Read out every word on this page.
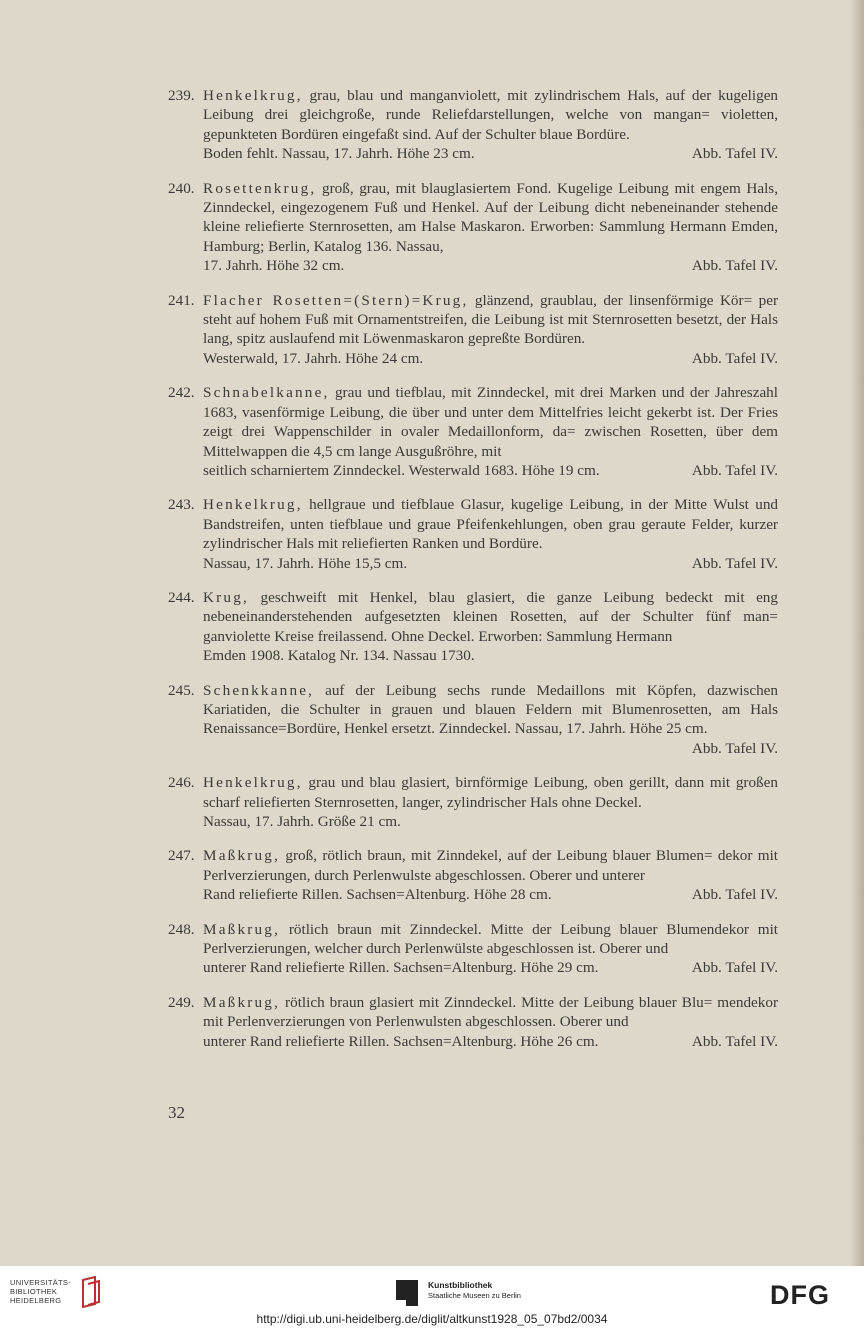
239. Henkelkrug, grau, blau und manganviolett, mit zylindrischem Hals, auf der kugeligen Leibung drei gleichgroße, runde Reliefdarstellungen, welche von mangan= violetten, gepunkteten Bordüren eingefaßt sind. Auf der Schulter blaue Bordüre.
Boden fehlt. Nassau, 17. Jahrh. Höhe 23 cm.	Abb. Tafel IV.
240. Rosettenkrug, groß, grau, mit blauglasiertem Fond. Kugelige Leibung mit engem Hals, Zinndeckel, eingezogenem Fuß und Henkel. Auf der Leibung dicht nebeneinander stehende kleine reliefierte Sternrosetten, am Halse Maskaron. Erworben: Sammlung Hermann Emden, Hamburg; Berlin, Katalog 136. Nassau,
17. Jahrh. Höhe 32 cm.	Abb. Tafel IV.
241. Flacher Rosetten=(Stern)=Krug, glänzend, graublau, der linsenförmige Kör= per steht auf hohem Fuß mit Ornamentstreifen, die Leibung ist mit Sternrosetten besetzt, der Hals lang, spitz auslaufend mit Löwenmaskaron gepreßte Bordüren.
Westerwald, 17. Jahrh. Höhe 24 cm.	Abb. Tafel IV.
242. Schnabelkanne, grau und tiefblau, mit Zinndeckel, mit drei Marken und der Jahreszahl 1683, vasenförmige Leibung, die über und unter dem Mittelfries leicht gekerbt ist. Der Fries zeigt drei Wappenschilder in ovaler Medaillonform, da= zwischen Rosetten, über dem Mittelwappen die 4,5 cm lange Ausgußröhre, mit
seitlich scharniertem Zinndeckel. Westerwald 1683. Höhe 19 cm.	Abb. Tafel IV.
243. Henkelkrug, hellgraue und tiefblaue Glasur, kugelige Leibung, in der Mitte Wulst und Bandstreifen, unten tiefblaue und graue Pfeifenkehlungen, oben grau geraute Felder, kurzer zylindrischer Hals mit reliefierten Ranken und Bordüre.
Nassau, 17. Jahrh. Höhe 15,5 cm.	Abb. Tafel IV.
244. Krug, geschweift mit Henkel, blau glasiert, die ganze Leibung bedeckt mit eng nebeneinanderstehenden aufgesetzten kleinen Rosetten, auf der Schulter fünf man= ganviolette Kreise freilassend. Ohne Deckel. Erworben: Sammlung Hermann
Emden 1908. Katalog Nr. 134. Nassau 1730.
245. Schenkkanne, auf der Leibung sechs runde Medaillons mit Köpfen, dazwischen Kariatiden, die Schulter in grauen und blauen Feldern mit Blumenrosetten, am Hals Renaissance=Bordüre, Henkel ersetzt. Zinndeckel. Nassau, 17. Jahrh. Höhe 25 cm.
Abb. Tafel IV.
246. Henkelkrug, grau und blau glasiert, birnförmige Leibung, oben gerillt, dann mit großen scharf reliefierten Sternrosetten, langer, zylindrischer Hals ohne Deckel.
Nassau, 17. Jahrh. Größe 21 cm.
247. Maßkrug, groß, rötlich braun, mit Zinndekel, auf der Leibung blauer Blumen= dekor mit Perlverzierungen, durch Perlenwulste abgeschlossen. Oberer und unterer
Rand reliefierte Rillen. Sachsen=Altenburg. Höhe 28 cm.	Abb. Tafel IV.
248. Maßkrug, rötlich braun mit Zinndeckel. Mitte der Leibung blauer Blumendekor mit Perlverzierungen, welcher durch Perlenwülste abgeschlossen ist. Oberer und
unterer Rand reliefierte Rillen. Sachsen=Altenburg. Höhe 29 cm.	Abb. Tafel IV.
249. Maßkrug, rötlich braun glasiert mit Zinndeckel. Mitte der Leibung blauer Blu= mendekor mit Perlenverzierungen von Perlenwulsten abgeschlossen. Oberer und
unterer Rand reliefierte Rillen. Sachsen=Altenburg. Höhe 26 cm.	Abb. Tafel IV.
32
UNIVERSITÄTS-
BIBLIOTHEK
HEIDELBERG
Kunstbibliothek
Staatliche Museen zu Berlin	DFG
http://digi.ub.uni-heidelberg.de/diglit/altkunst1928_05_07bd2/0034
